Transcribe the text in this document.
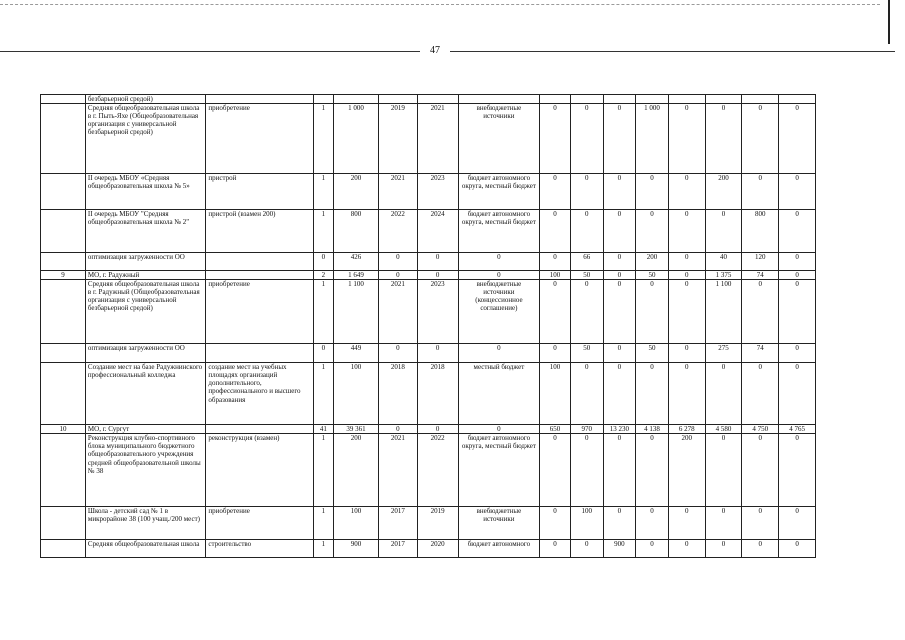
47
	безбарьерной средой)														
	Средняя общеобразовательная школа в г. Пыть-Яхе (Общеобразовательная организация с универсальной безбарьерной средой)	приобретение	1	1 000	2019	2021	внебюджетные источники	0	0	0	1 000	0	0	0	0
	II очередь МБОУ «Средняя общеобразовательная школа № 5»	пристрой	1	200	2021	2023	бюджет автономного округа, местный бюджет	0	0	0	0	0	200	0	0
	II очередь МБОУ "Средняя общеобразовательная школа № 2"	пристрой (взамен 200)	1	800	2022	2024	бюджет автономного округа, местный бюджет	0	0	0	0	0	0	800	0
	оптимизация загруженности ОО		0	426	0	0	0	0	66	0	200	0	40	120	0
9	МО, г. Радужный		2	1 649	0	0	0	100	50	0	50	0	1 375	74	0
	Средняя общеобразовательная школа в г. Радужный (Общеобразовательная организация с универсальной безбарьерной средой)	приобретение	1	1 100	2021	2023	внебюджетные источники (концессионное соглашение)	0	0	0	0	0	1 100	0	0
	оптимизация загруженности ОО		0	449	0	0	0	0	50	0	50	0	275	74	0
	Создание мест на базе Радужнинского профессиональный колледжа	создание мест на учебных площадях организаций дополнительного, профессионального и высшего образования	1	100	2018	2018	местный бюджет	100	0	0	0	0	0	0	0
10	МО, г. Сургут		41	39 361	0	0	0	650	970	13 230	4 138	6 278	4 580	4 750	4 765
	Реконструкция клубно-спортивного блока муниципального бюджетного общеобразовательного учреждения средней общеобразовательной школы № 38	реконструкция (взамен)	1	200	2021	2022	бюджет автономного округа, местный бюджет	0	0	0	0	200	0	0	0
	Школа - детский сад № 1 в микрорайоне 38 (100 учащ./200 мест)	приобретение	1	100	2017	2019	внебюджетные источники	0	100	0	0	0	0	0	0
	Средняя общеобразовательная школа	строительство	1	900	2017	2020	бюджет автономного	0	0	900	0	0	0	0	0
